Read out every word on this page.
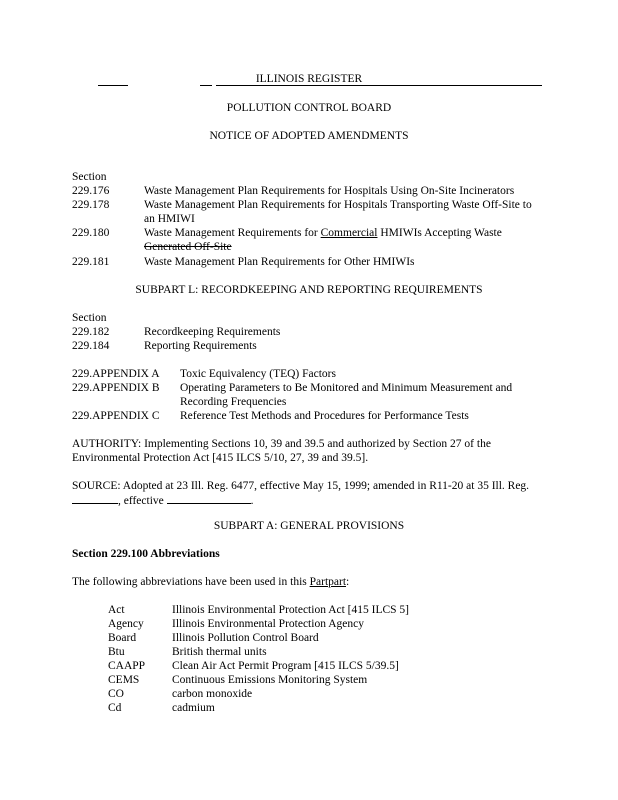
ILLINOIS REGISTER
POLLUTION CONTROL BOARD
NOTICE OF ADOPTED AMENDMENTS
Section
229.176	Waste Management Plan Requirements for Hospitals Using On-Site Incinerators
229.178	Waste Management Plan Requirements for Hospitals Transporting Waste Off-Site to an HMIWI
229.180	Waste Management Requirements for Commercial HMIWIs Accepting Waste Generated Off-Site
229.181	Waste Management Plan Requirements for Other HMIWIs
SUBPART L: RECORDKEEPING AND REPORTING REQUIREMENTS
Section
229.182	Recordkeeping Requirements
229.184	Reporting Requirements
229.APPENDIX A Toxic Equivalency (TEQ) Factors
229.APPENDIX B Operating Parameters to Be Monitored and Minimum Measurement and Recording Frequencies
229.APPENDIX C Reference Test Methods and Procedures for Performance Tests
AUTHORITY: Implementing Sections 10, 39 and 39.5 and authorized by Section 27 of the Environmental Protection Act [415 ILCS 5/10, 27, 39 and 39.5].
SOURCE: Adopted at 23 Ill. Reg. 6477, effective May 15, 1999; amended in R11-20 at 35 Ill. Reg. , effective	.
SUBPART A: GENERAL PROVISIONS
Section 229.100 Abbreviations
The following abbreviations have been used in this Partpart:
Act	Illinois Environmental Protection Act [415 ILCS 5]
Agency Illinois Environmental Protection Agency
Board	Illinois Pollution Control Board
Btu	British thermal units
CAAPP Clean Air Act Permit Program [415 ILCS 5/39.5]
CEMS	Continuous Emissions Monitoring System
CO	carbon monoxide
Cd	cadmium
